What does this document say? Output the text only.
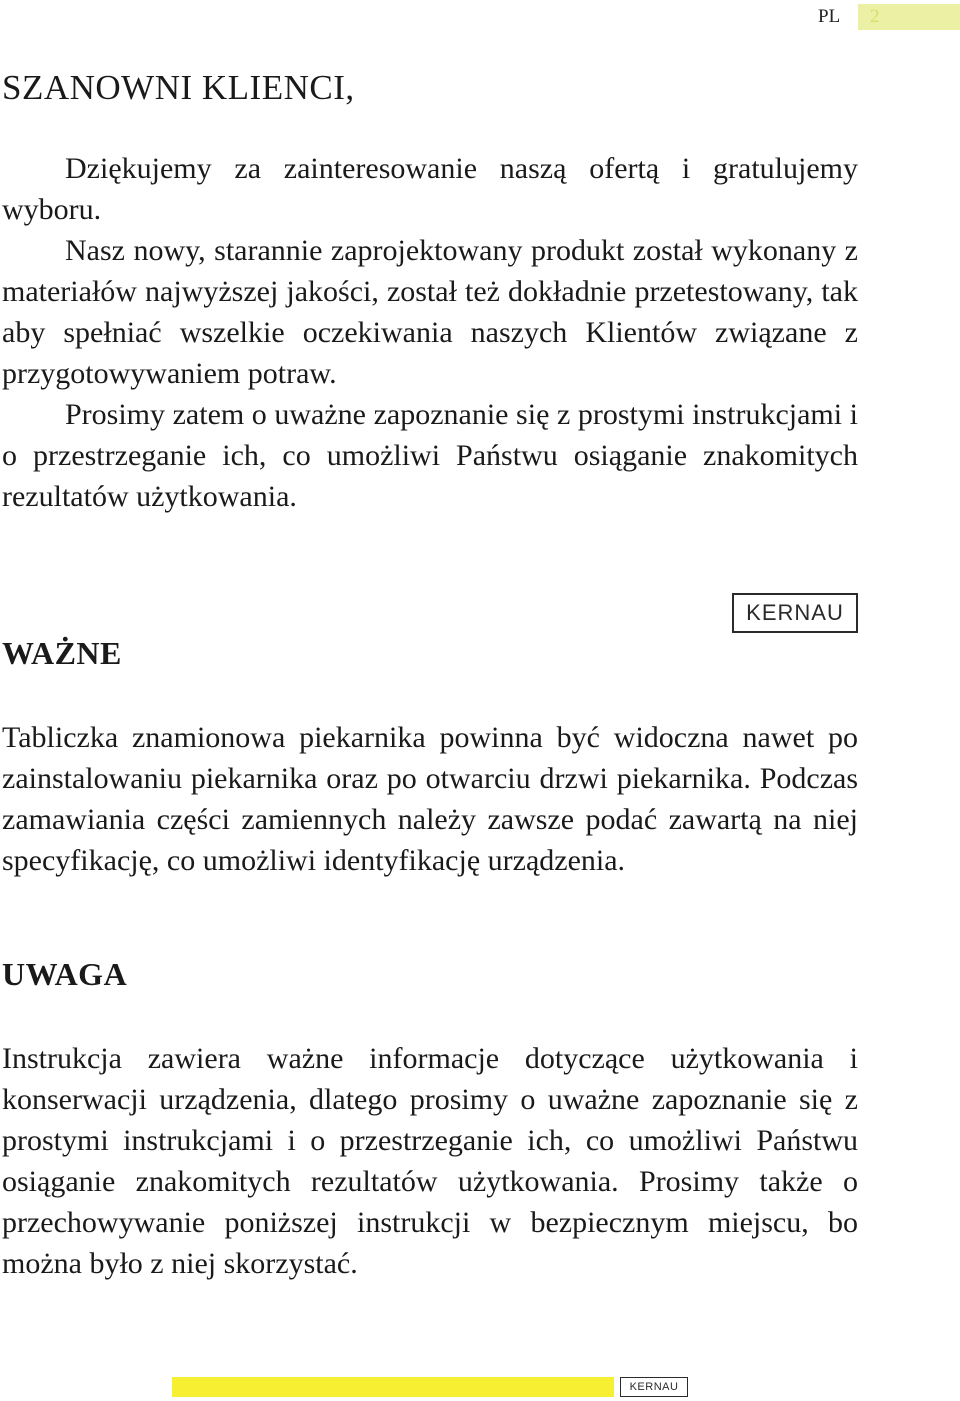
PL 2
SZANOWNI KLIENCI,

Dziękujemy za zainteresowanie naszą ofertą i gratulujemy wyboru.

Nasz nowy, starannie zaprojektowany produkt został wykonany z materiałów najwyższej jakości, został też dokładnie przetestowany, tak aby spełniać wszelkie oczekiwania naszych Klientów związane z przygotowywaniem potraw.

Prosimy zatem o uważne zapoznanie się z prostymi instrukcjami i o przestrzeganie ich, co umożliwi Państwu osiąganie znakomitych rezultatów użytkowania.

KERNAU
WAŻNE

Tabliczka znamionowa piekarnika powinna być widoczna nawet po zainstalowaniu piekarnika oraz po otwarciu drzwi piekarnika. Podczas zamawiania części zamiennych należy zawsze podać zawartą na niej specyfikację, co umożliwi identyfikację urządzenia.

UWAGA

Instrukcja zawiera ważne informacje dotyczące użytkowania i konserwacji urządzenia, dlatego prosimy o uważne zapoznanie się z prostymi instrukcjami i o przestrzeganie ich, co umożliwi Państwu osiąganie znakomitych rezultatów użytkowania. Prosimy także o przechowywanie poniższej instrukcji w bezpiecznym miejscu, bo można było z niej skorzystać.

KERNAU
